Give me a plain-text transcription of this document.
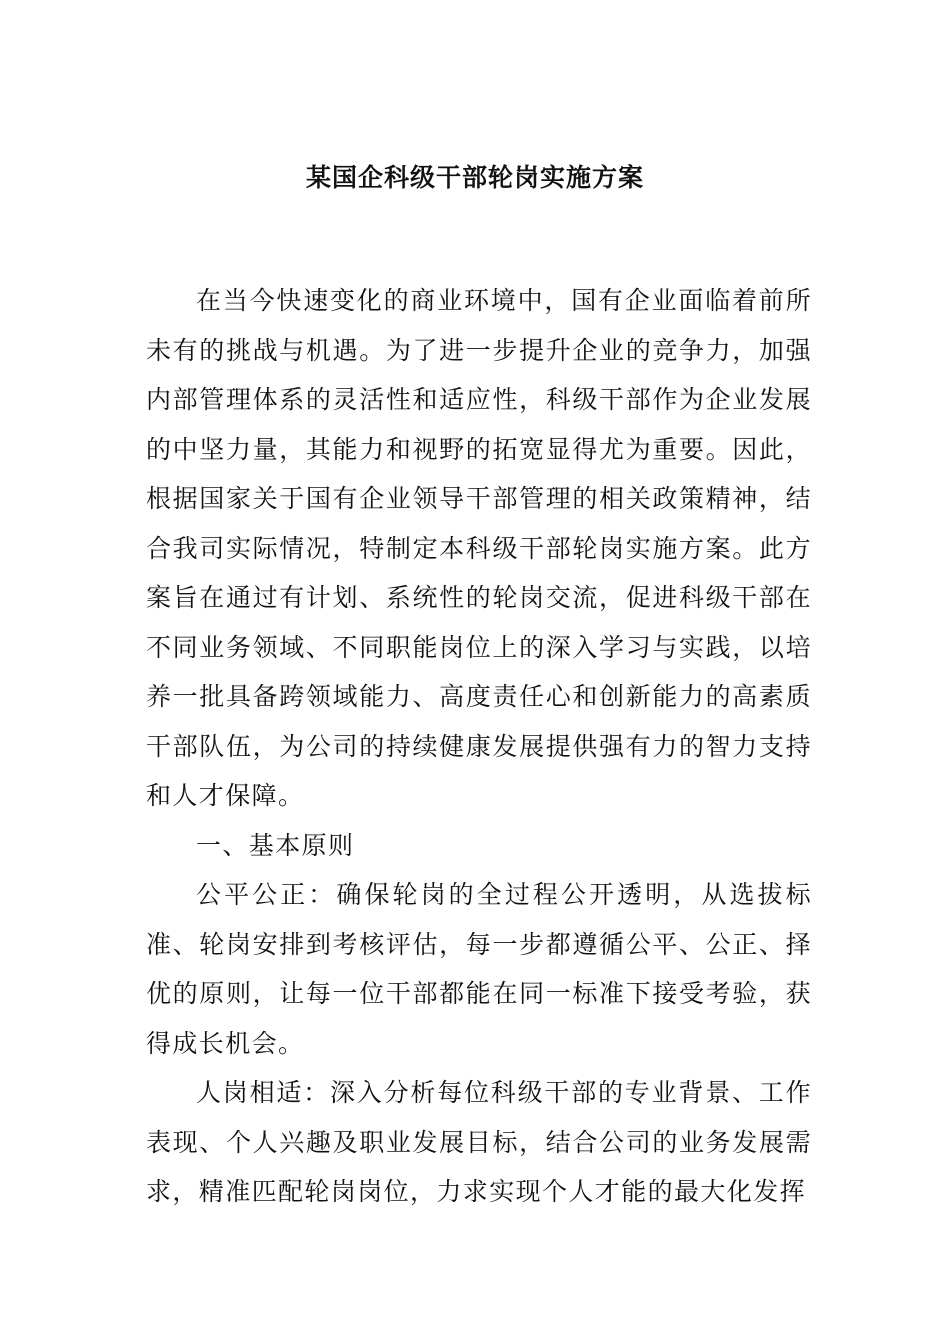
某国企科级干部轮岗实施方案

在当今快速变化的商业环境中，国有企业面临着前所未有的挑战与机遇。为了进一步提升企业的竞争力，加强内部管理体系的灵活性和适应性，科级干部作为企业发展的中坚力量，其能力和视野的拓宽显得尤为重要。因此，根据国家关于国有企业领导干部管理的相关政策精神，结合我司实际情况，特制定本科级干部轮岗实施方案。此方案旨在通过有计划、系统性的轮岗交流，促进科级干部在不同业务领域、不同职能岗位上的深入学习与实践，以培养一批具备跨领域能力、高度责任心和创新能力的高素质干部队伍，为公司的持续健康发展提供强有力的智力支持和人才保障。

一、基本原则

公平公正：确保轮岗的全过程公开透明，从选拔标准、轮岗安排到考核评估，每一步都遵循公平、公正、择优的原则，让每一位干部都能在同一标准下接受考验，获得成长机会。

人岗相适：深入分析每位科级干部的专业背景、工作表现、个人兴趣及职业发展目标，结合公司的业务发展需求，精准匹配轮岗岗位，力求实现个人才能的最大化发挥
